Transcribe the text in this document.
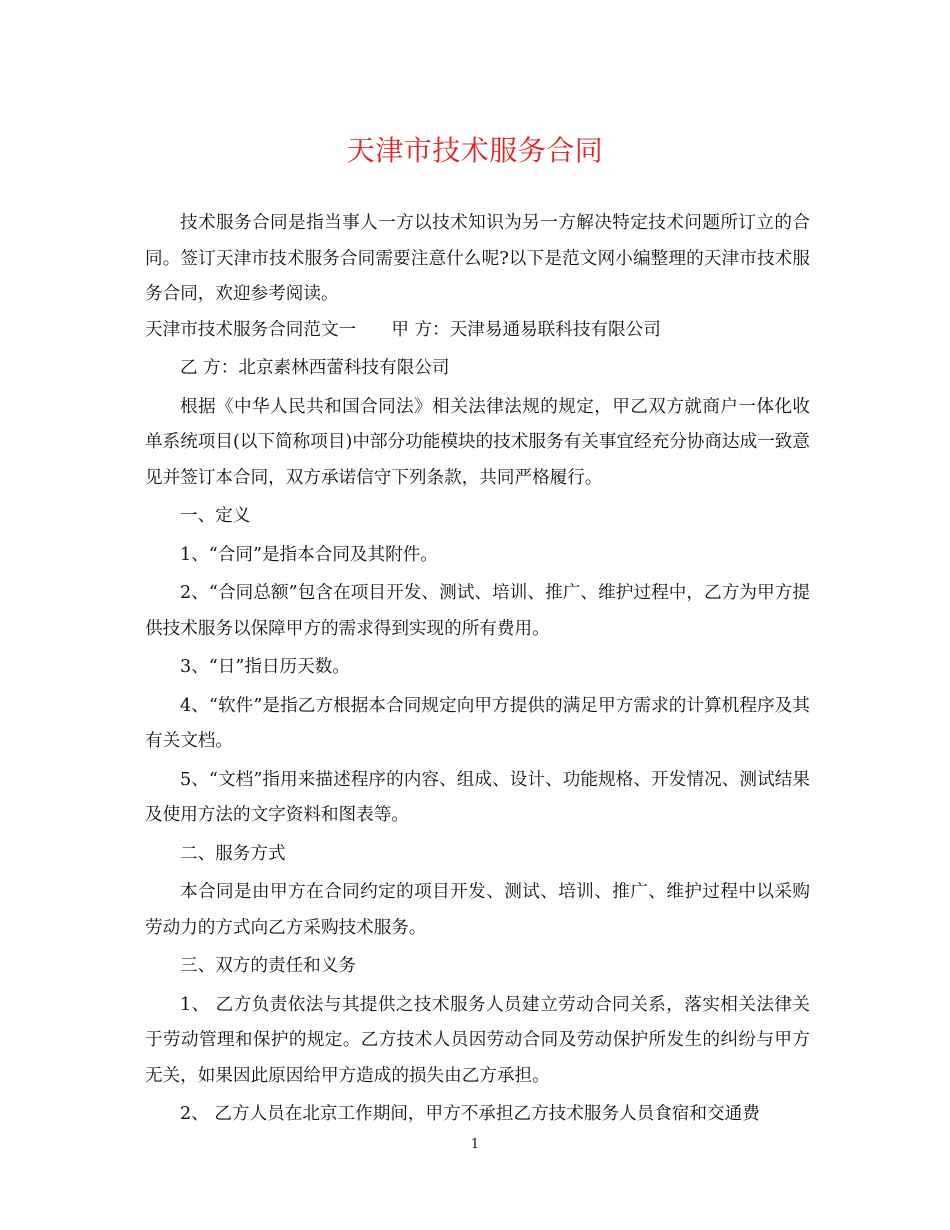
天津市技术服务合同

技术服务合同是指当事人一方以技术知识为另一方解决特定技术问题所订立的合同。签订天津市技术服务合同需要注意什么呢?以下是范文网小编整理的天津市技术服务合同，欢迎参考阅读。

天津市技术服务合同范文一　　甲 方：天津易通易联科技有限公司

乙 方：北京素林西蕾科技有限公司

根据《中华人民共和国合同法》相关法律法规的规定，甲乙双方就商户一体化收单系统项目(以下简称项目)中部分功能模块的技术服务有关事宜经充分协商达成一致意见并签订本合同，双方承诺信守下列条款，共同严格履行。

一、定义

1、“合同”是指本合同及其附件。

2、“合同总额”包含在项目开发、测试、培训、推广、维护过程中，乙方为甲方提供技术服务以保障甲方的需求得到实现的所有费用。

3、“日”指日历天数。

4、“软件”是指乙方根据本合同规定向甲方提供的满足甲方需求的计算机程序及其有关文档。

5、“文档”指用来描述程序的内容、组成、设计、功能规格、开发情况、测试结果及使用方法的文字资料和图表等。

二、服务方式

本合同是由甲方在合同约定的项目开发、测试、培训、推广、维护过程中以采购劳动力的方式向乙方采购技术服务。

三、双方的责任和义务

1、 乙方负责依法与其提供之技术服务人员建立劳动合同关系，落实相关法律关于劳动管理和保护的规定。乙方技术人员因劳动合同及劳动保护所发生的纠纷与甲方无关，如果因此原因给甲方造成的损失由乙方承担。

2、 乙方人员在北京工作期间，甲方不承担乙方技术服务人员食宿和交通费

1
